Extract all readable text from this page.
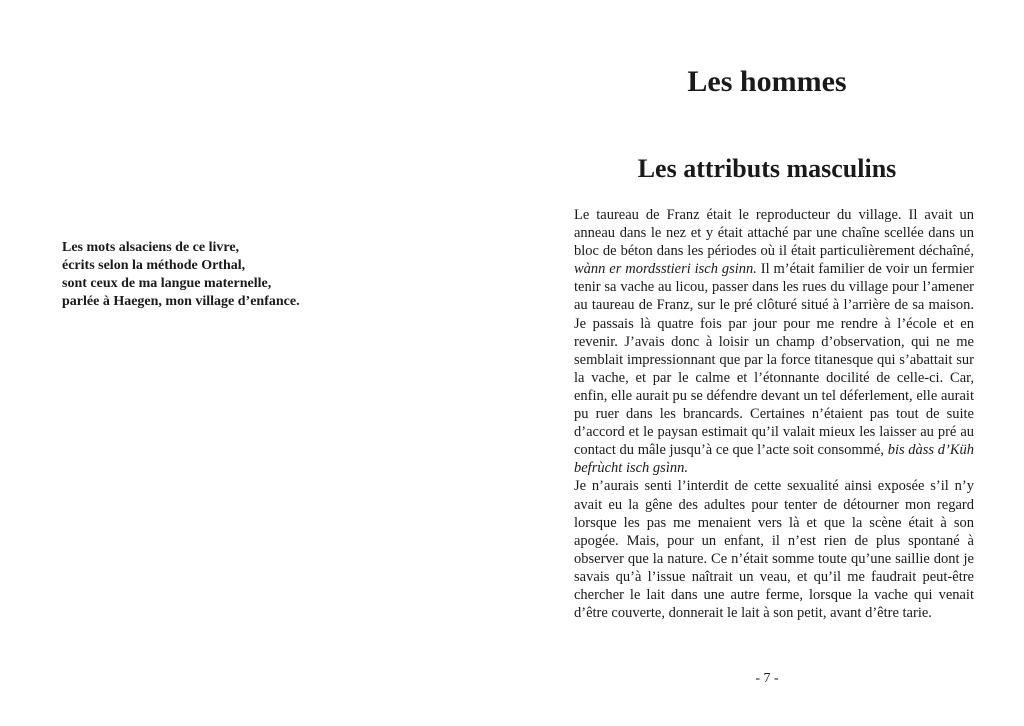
Les mots alsaciens de ce livre,
écrits selon la méthode Orthal,
sont ceux de ma langue maternelle,
parlée à Haegen, mon village d’enfance.
Les hommes
Les attributs masculins

Le taureau de Franz était le reproducteur du village. Il avait un anneau dans le nez et y était attaché par une chaîne scellée dans un bloc de béton dans les périodes où il était particulièrement déchaîné, wànn er mordsstieri isch gsinn. Il m’était familier de voir un fermier tenir sa vache au licou, passer dans les rues du village pour l’amener au taureau de Franz, sur le pré clôturé situé à l’arrière de sa maison. Je passais là quatre fois par jour pour me rendre à l’école et en revenir. J’avais donc à loisir un champ d’observation, qui ne me semblait impressionnant que par la force titanesque qui s’abattait sur la vache, et par le calme et l’étonnante docilité de celle-ci. Car, enfin, elle aurait pu se défendre devant un tel déferlement, elle aurait pu ruer dans les brancards. Certaines n’étaient pas tout de suite d’accord et le paysan estimait qu’il valait mieux les laisser au pré au contact du mâle jusqu’à ce que l’acte soit consommé, bis dàss d’Küh befrùcht isch gsìnn.

Je n’aurais senti l’interdit de cette sexualité ainsi exposée s’il n’y avait eu la gêne des adultes pour tenter de détourner mon regard lorsque les pas me menaient vers là et que la scène était à son apogée. Mais, pour un enfant, il n’est rien de plus spontané à observer que la nature. Ce n’était somme toute qu’une saillie dont je savais qu’à l’issue naîtrait un veau, et qu’il me faudrait peut-être chercher le lait dans une autre ferme, lorsque la vache qui venait d’être couverte, donnerait le lait à son petit, avant d’être tarie.

- 7 -
